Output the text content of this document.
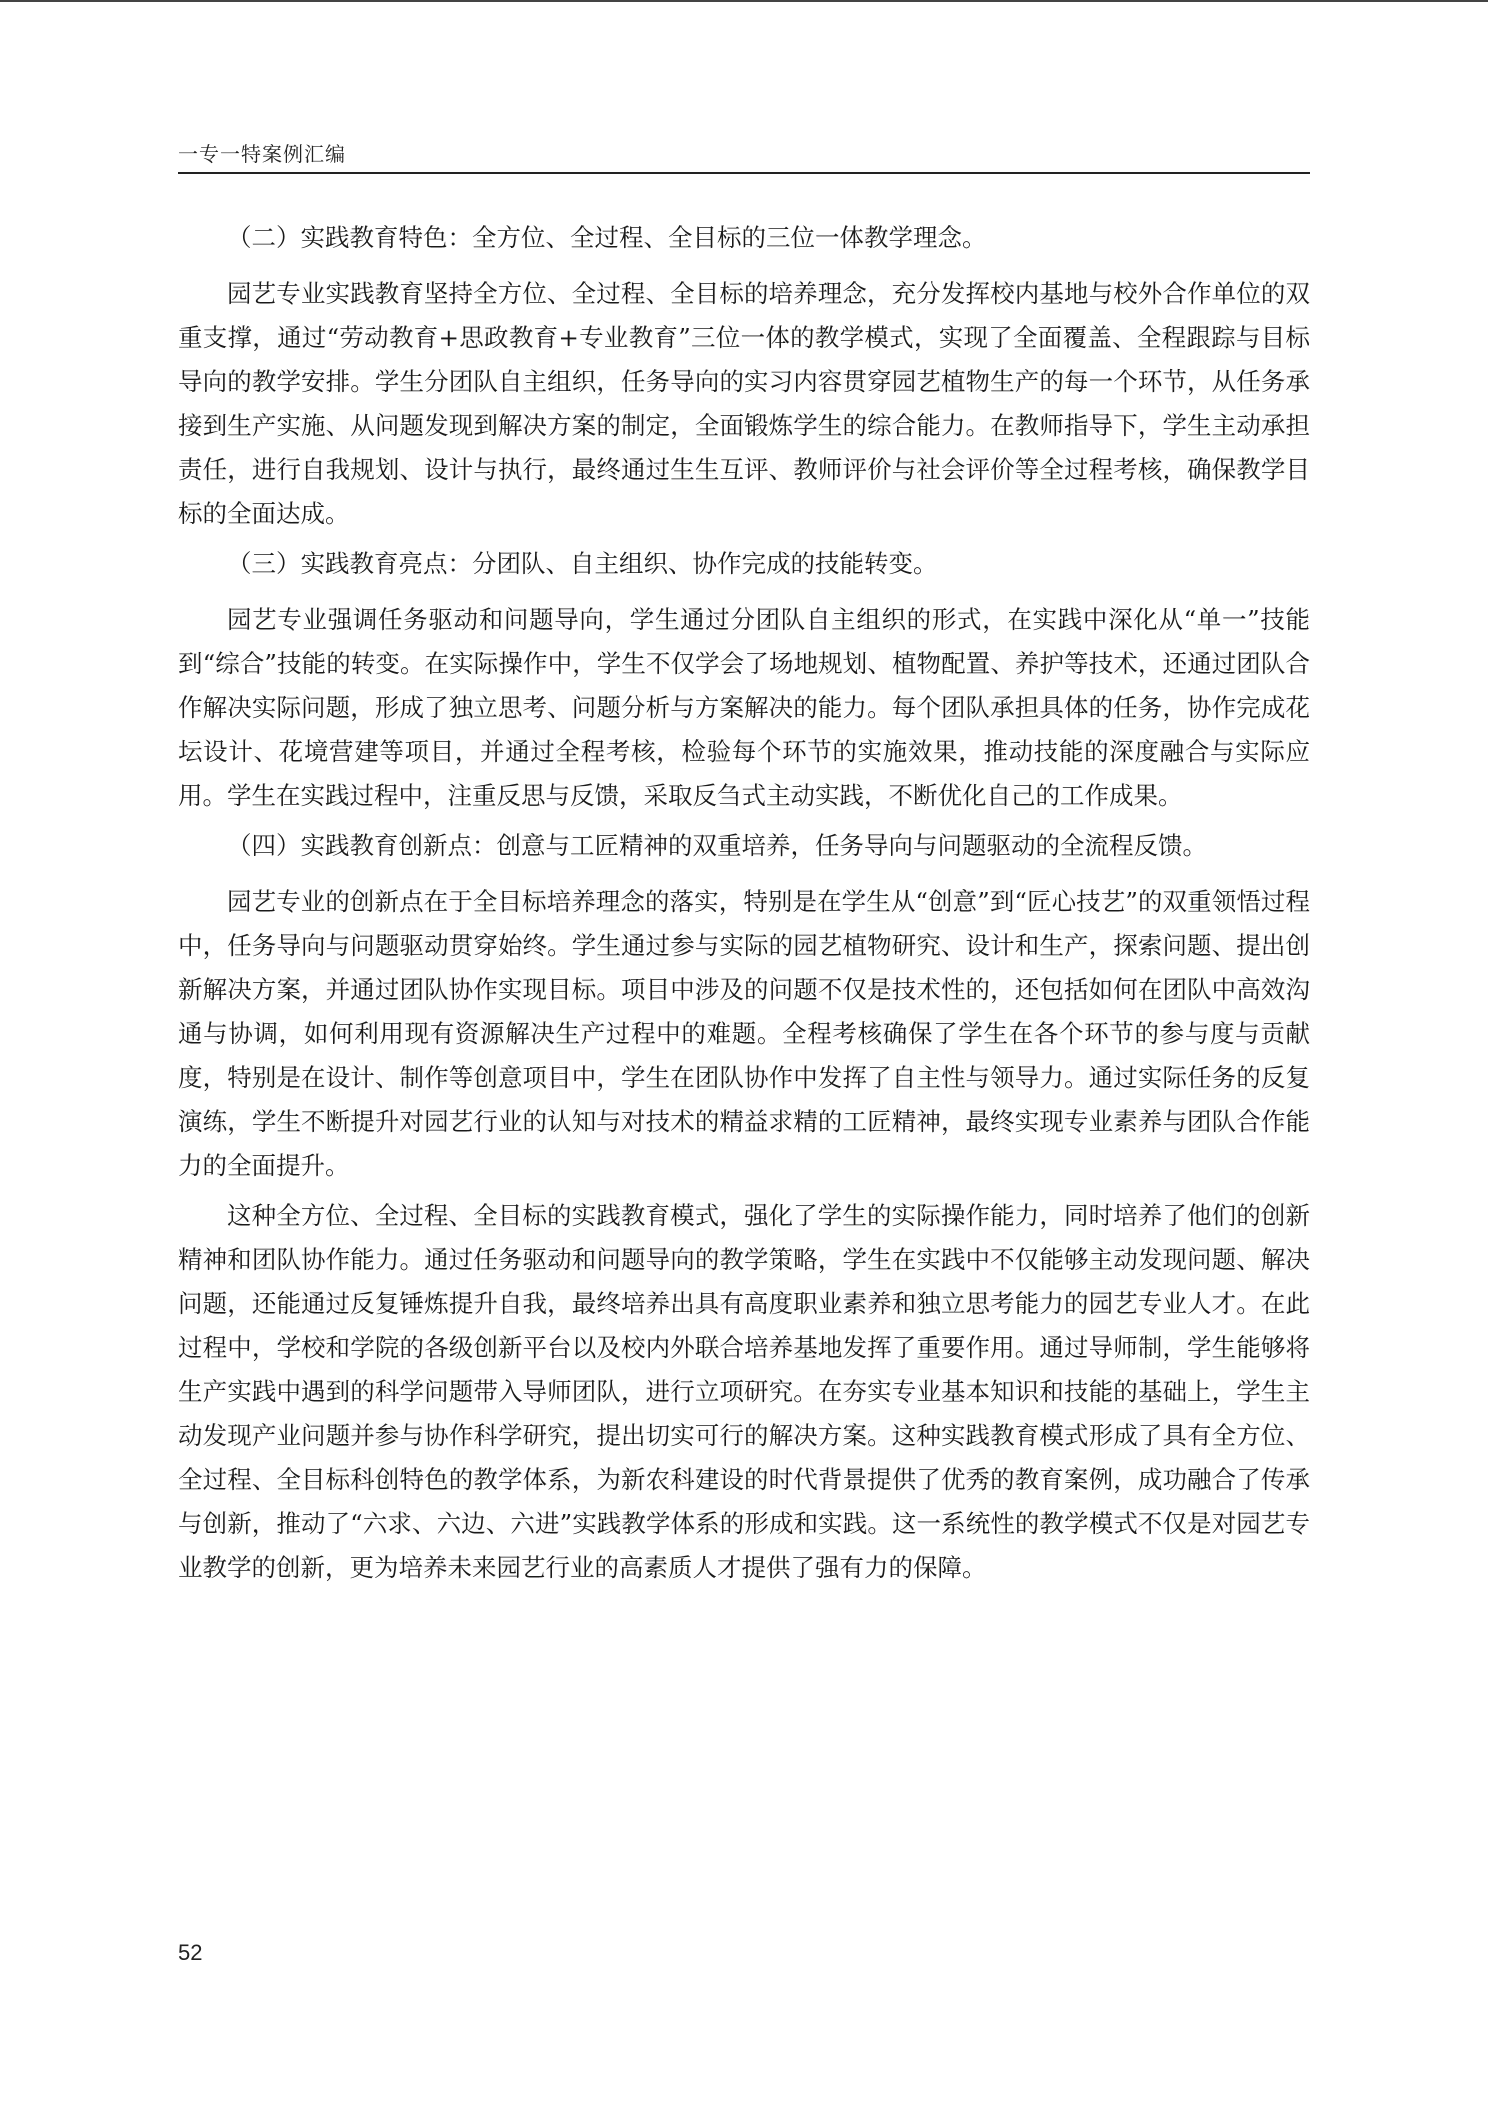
一专一特案例汇编

（二）实践教育特色：全方位、全过程、全目标的三位一体教学理念。

园艺专业实践教育坚持全方位、全过程、全目标的培养理念，充分发挥校内基地与校外合作单位的双重支撑，通过“劳动教育+思政教育+专业教育”三位一体的教学模式，实现了全面覆盖、全程跟踪与目标导向的教学安排。学生分团队自主组织，任务导向的实习内容贯穿园艺植物生产的每一个环节，从任务承接到生产实施、从问题发现到解决方案的制定，全面锻炼学生的综合能力。在教师指导下，学生主动承担责任，进行自我规划、设计与执行，最终通过生生互评、教师评价与社会评价等全过程考核，确保教学目标的全面达成。

（三）实践教育亮点：分团队、自主组织、协作完成的技能转变。

园艺专业强调任务驱动和问题导向，学生通过分团队自主组织的形式，在实践中深化从“单一”技能到“综合”技能的转变。在实际操作中，学生不仅学会了场地规划、植物配置、养护等技术，还通过团队合作解决实际问题，形成了独立思考、问题分析与方案解决的能力。每个团队承担具体的任务，协作完成花坛设计、花境营建等项目，并通过全程考核，检验每个环节的实施效果，推动技能的深度融合与实际应用。学生在实践过程中，注重反思与反馈，采取反刍式主动实践，不断优化自己的工作成果。

（四）实践教育创新点：创意与工匠精神的双重培养，任务导向与问题驱动的全流程反馈。

园艺专业的创新点在于全目标培养理念的落实，特别是在学生从“创意”到“匠心技艺”的双重领悟过程中，任务导向与问题驱动贯穿始终。学生通过参与实际的园艺植物研究、设计和生产，探索问题、提出创新解决方案，并通过团队协作实现目标。项目中涉及的问题不仅是技术性的，还包括如何在团队中高效沟通与协调，如何利用现有资源解决生产过程中的难题。全程考核确保了学生在各个环节的参与度与贡献度，特别是在设计、制作等创意项目中，学生在团队协作中发挥了自主性与领导力。通过实际任务的反复演练，学生不断提升对园艺行业的认知与对技术的精益求精的工匠精神，最终实现专业素养与团队合作能力的全面提升。

这种全方位、全过程、全目标的实践教育模式，强化了学生的实际操作能力，同时培养了他们的创新精神和团队协作能力。通过任务驱动和问题导向的教学策略，学生在实践中不仅能够主动发现问题、解决问题，还能通过反复锤炼提升自我，最终培养出具有高度职业素养和独立思考能力的园艺专业人才。在此过程中，学校和学院的各级创新平台以及校内外联合培养基地发挥了重要作用。通过导师制，学生能够将生产实践中遇到的科学问题带入导师团队，进行立项研究。在夯实专业基本知识和技能的基础上，学生主动发现产业问题并参与协作科学研究，提出切实可行的解决方案。这种实践教育模式形成了具有全方位、全过程、全目标科创特色的教学体系，为新农科建设的时代背景提供了优秀的教育案例，成功融合了传承与创新，推动了“六求、六边、六进”实践教学体系的形成和实践。这一系统性的教学模式不仅是对园艺专业教学的创新，更为培养未来园艺行业的高素质人才提供了强有力的保障。

52
